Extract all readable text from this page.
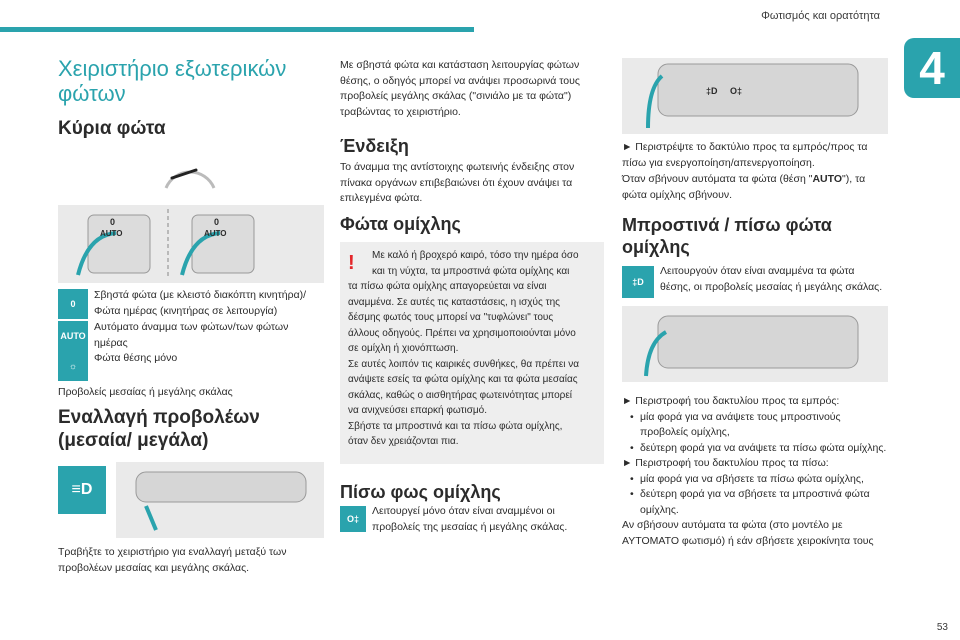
Φωτισμός και ορατότητα
4
53
Χειριστήριο εξωτερικών φώτων
Κύρια φώτα
0
AUTO
0
AUTO
0
AUTO
☼
Σβηστά φώτα (με κλειστό διακόπτη κινητήρα)/ Φώτα ημέρας (κινητήρας σε λειτουργία)
Αυτόματο άναμμα των φώτων/των φώτων ημέρας
Φώτα θέσης μόνο
Προβολείς μεσαίας ή μεγάλης σκάλας
Εναλλαγή προβολέων (μεσαία/ μεγάλα)
≡D
Τραβήξτε το χειριστήριο για εναλλαγή μεταξύ των προβολέων μεσαίας και μεγάλης σκάλας.
Με σβηστά φώτα και κατάσταση λειτουργίας φώτων θέσης, ο οδηγός μπορεί να ανάψει προσωρινά τους προβολείς μεγάλης σκάλας ("σινιάλο με τα φώτα") τραβώντας το χειριστήριο.
Ένδειξη
Το άναμμα της αντίστοιχης φωτεινής ένδειξης στον πίνακα οργάνων επιβεβαιώνει ότι έχουν ανάψει τα επιλεγμένα φώτα.
Φώτα ομίχλης
! Με καλό ή βροχερό καιρό, τόσο την ημέρα όσο
και τη νύχτα, τα μπροστινά φώτα ομίχλης και
τα πίσω φώτα ομίχλης απαγορεύεται να είναι
αναμμένα. Σε αυτές τις καταστάσεις, η ισχύς της
δέσμης φωτός τους μπορεί να "τυφλώνει" τους
άλλους οδηγούς. Πρέπει να χρησιμοποιούνται μόνο
σε ομίχλη ή χιονόπτωση.
Σε αυτές λοιπόν τις καιρικές συνθήκες, θα πρέπει να
ανάψετε εσείς τα φώτα ομίχλης και τα φώτα μεσαίας
σκάλας, καθώς ο αισθητήρας φωτεινότητας μπορεί
να ανιχνεύσει επαρκή φωτισμό.
Σβήστε τα μπροστινά και τα πίσω φώτα ομίχλης,
όταν δεν χρειάζονται πια.
Πίσω φως ομίχλης
O‡
Λειτουργεί μόνο όταν είναι αναμμένοι οι προβολείς της μεσαίας ή μεγάλης σκάλας.
‡D O‡
► Περιστρέψτε το δακτύλιο προς τα εμπρός/προς τα πίσω για ενεργοποίηση/απενεργοποίηση.
Όταν σβήνουν αυτόματα τα φώτα (θέση "AUTO"), τα φώτα ομίχλης σβήνουν.
Μπροστινά / πίσω φώτα ομίχλης
‡D
Λειτουργούν όταν είναι αναμμένα τα φώτα θέσης, οι προβολείς μεσαίας ή μεγάλης σκάλας.
► Περιστροφή του δακτυλίου προς τα εμπρός:
• μία φορά για να ανάψετε τους μπροστινούς προβολείς ομίχλης,
• δεύτερη φορά για να ανάψετε τα πίσω φώτα ομίχλης.
► Περιστροφή του δακτυλίου προς τα πίσω:
• μία φορά για να σβήσετε τα πίσω φώτα ομίχλης,
• δεύτερη φορά για να σβήσετε τα μπροστινά φώτα ομίχλης.
Αν σβήσουν αυτόματα τα φώτα (στο μοντέλο με ΑΥΤΟΜΑΤΟ φωτισμό) ή εάν σβήσετε χειροκίνητα τους
